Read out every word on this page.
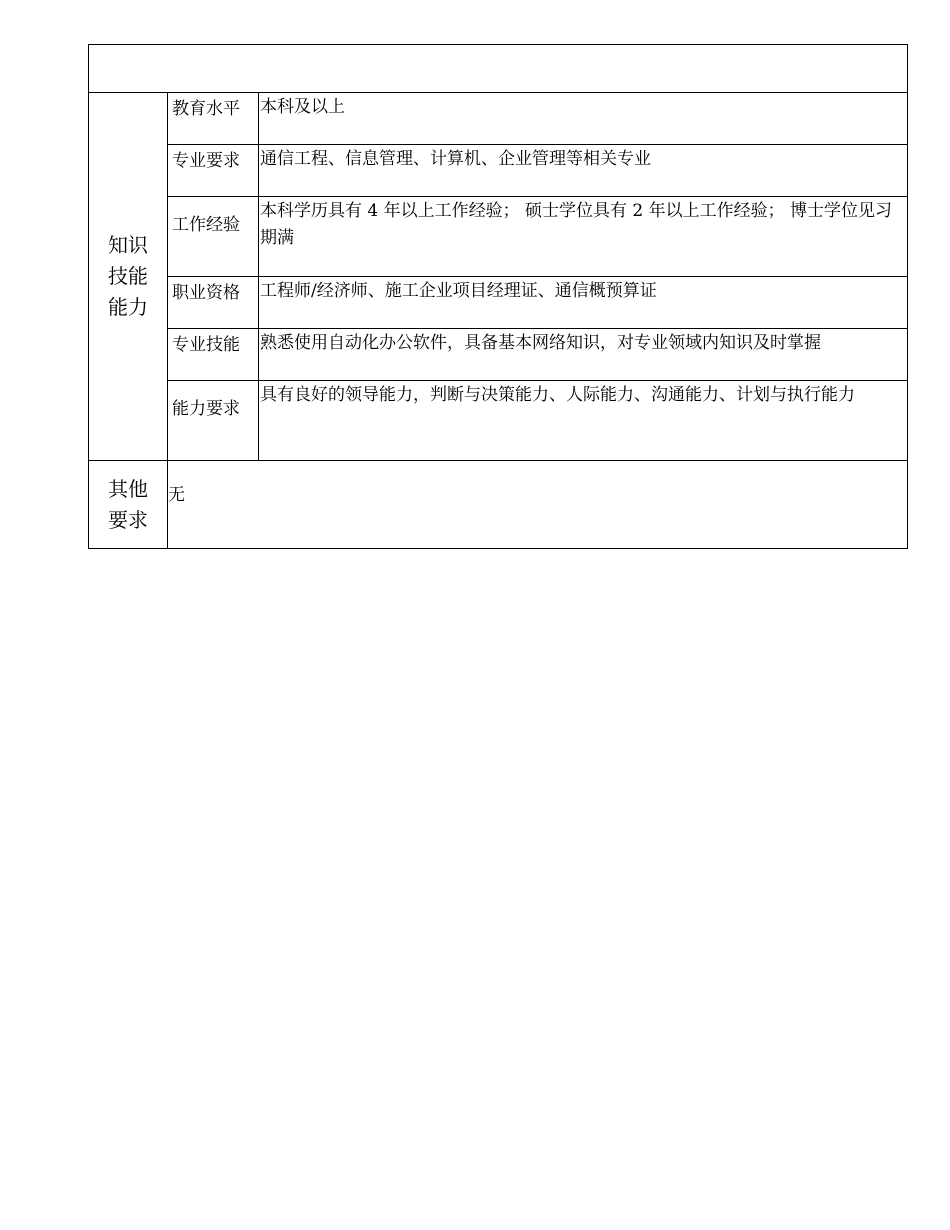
知识技能能力	教育水平	本科及以上
	专业要求	通信工程、信息管理、计算机、企业管理等相关专业
	工作经验	本科学历具有 4 年以上工作经验； 硕士学位具有 2 年以上工作经验； 博士学位见习期满
	职业资格	工程师/经济师、施工企业项目经理证、通信概预算证
	专业技能	熟悉使用自动化办公软件，具备基本网络知识，对专业领域内知识及时掌握
	能力要求	具有良好的领导能力，判断与决策能力、人际能力、沟通能力、计划与执行能力
其他要求	无	
